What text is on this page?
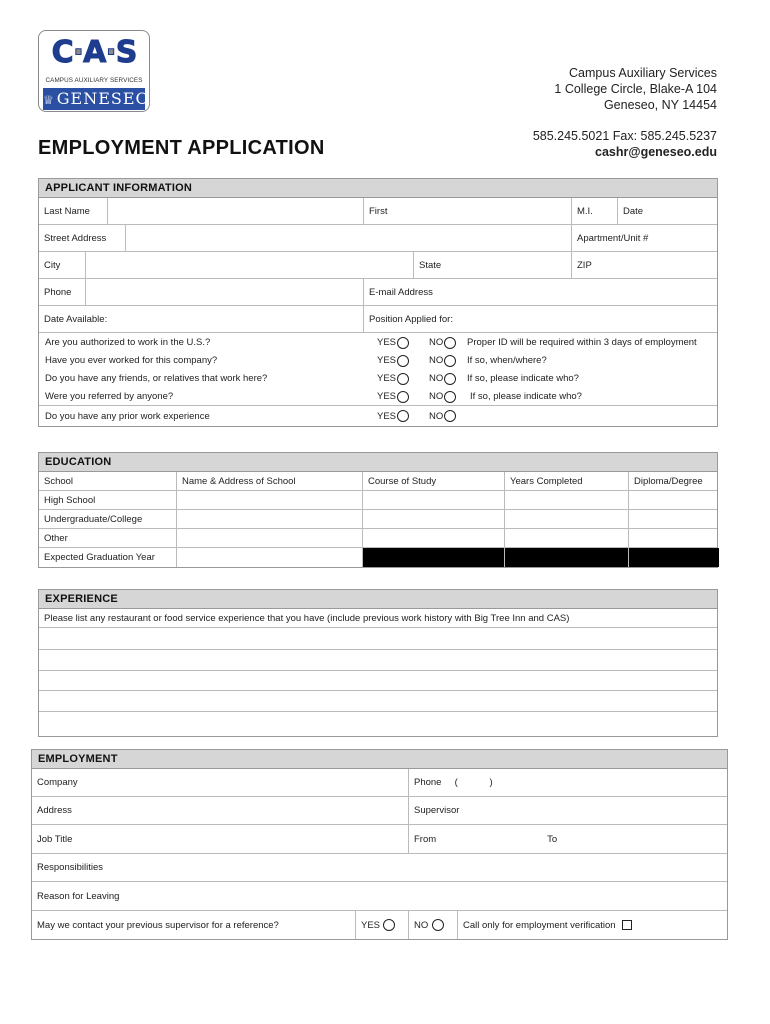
C·A·S
CAMPUS AUXILIARY SERVICES
♕ GENESEO
Campus Auxiliary Services
1 College Circle, Blake-A 104
Geneseo, NY 14454
585.245.5021 Fax: 585.245.5237
cashr@geneseo.edu
EMPLOYMENT APPLICATION
APPLICANT INFORMATION
Last Name	First	M.I.	Date
Street Address	Apartment/Unit #
City	State	ZIP
Phone	E-mail Address
Date Available:	Position Applied for:
Are you authorized to work in the U.S.?	YES	NO	Proper ID will be required within 3 days of employment
Have you ever worked for this company?	YES	NO	If so, when/where?
Do you have any friends, or relatives that work here?	YES	NO	If so, please indicate who?
Were you referred by anyone?	YES	NO	If so, please indicate who?
Do you have any prior work experience	YES	NO
EDUCATION
School	Name & Address of School	Course of Study	Years Completed	Diploma/Degree
High School
Undergraduate/College
Other
Expected Graduation Year
EXPERIENCE
Please list any restaurant or food service experience that you have (include previous work history with Big Tree Inn and CAS)
EMPLOYMENT
Company	Phone     (            )
Address	Supervisor
Job Title	From	To
Responsibilities
Reason for Leaving
May we contact your previous supervisor for a reference?	YES	NO	Call only for employment verification
